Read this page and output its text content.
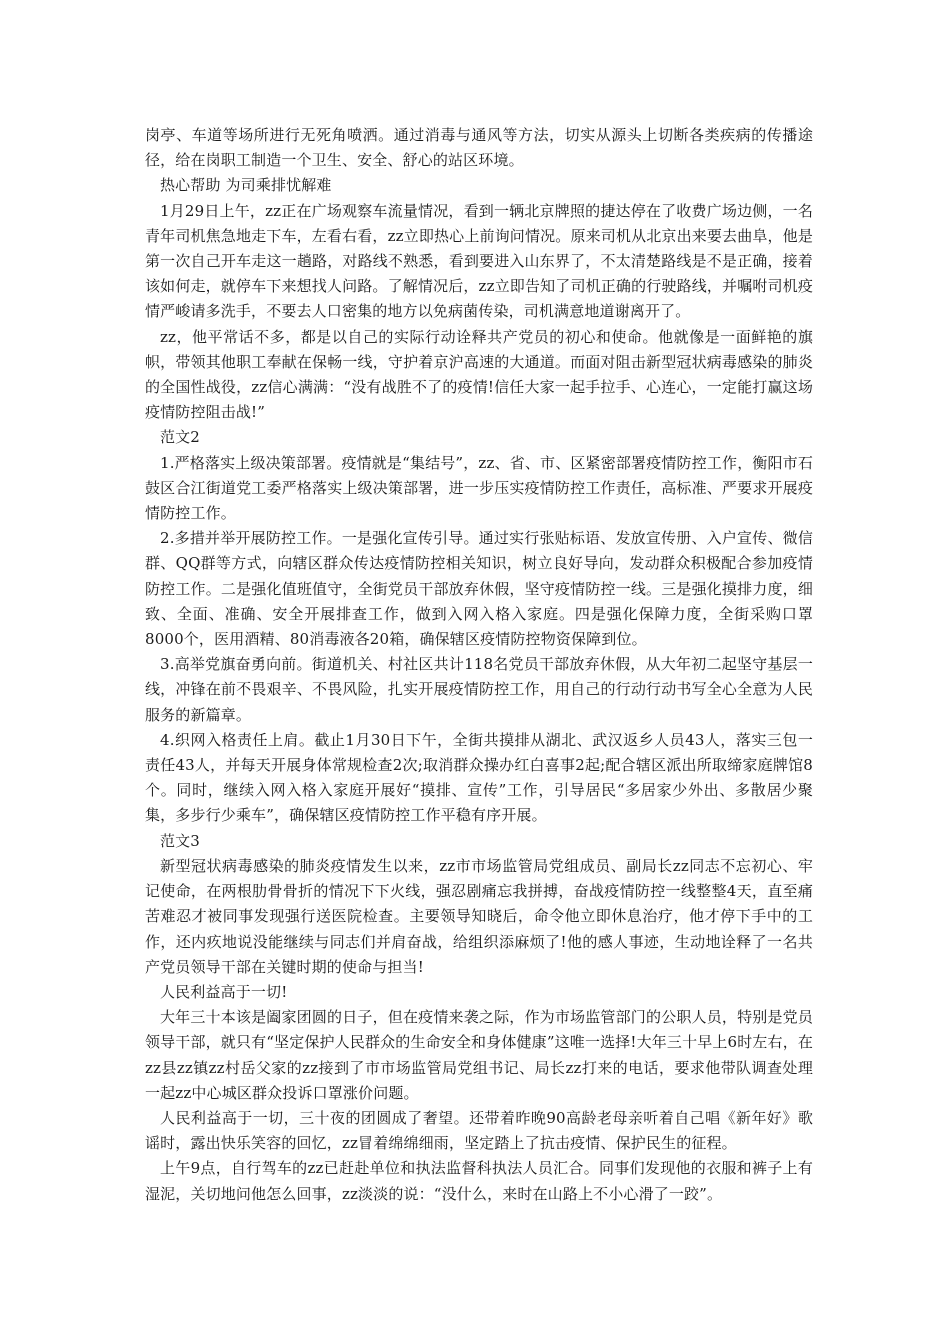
岗亭、车道等场所进行无死角喷洒。通过消毒与通风等方法，切实从源头上切断各类疾病的传播途径，给在岗职工制造一个卫生、安全、舒心的站区环境。

热心帮助 为司乘排忧解难

1月29日上午，zz正在广场观察车流量情况，看到一辆北京牌照的捷达停在了收费广场边侧，一名青年司机焦急地走下车，左看右看，zz立即热心上前询问情况。原来司机从北京出来要去曲阜，他是第一次自己开车走这一趟路，对路线不熟悉，看到要进入山东界了，不太清楚路线是不是正确，接着该如何走，就停车下来想找人问路。了解情况后，zz立即告知了司机正确的行驶路线，并嘱咐司机疫情严峻请多洗手，不要去人口密集的地方以免病菌传染，司机满意地道谢离开了。

zz，他平常话不多，都是以自己的实际行动诠释共产党员的初心和使命。他就像是一面鲜艳的旗帜，带领其他职工奉献在保畅一线，守护着京沪高速的大通道。而面对阻击新型冠状病毒感染的肺炎的全国性战役，zz信心满满：“没有战胜不了的疫情!信任大家一起手拉手、心连心，一定能打赢这场疫情防控阻击战!”

范文2

1.严格落实上级决策部署。疫情就是“集结号”，zz、省、市、区紧密部署疫情防控工作，衡阳市石鼓区合江街道党工委严格落实上级决策部署，进一步压实疫情防控工作责任，高标准、严要求开展疫情防控工作。

2.多措并举开展防控工作。一是强化宣传引导。通过实行张贴标语、发放宣传册、入户宣传、微信群、QQ群等方式，向辖区群众传达疫情防控相关知识，树立良好导向，发动群众积极配合参加疫情防控工作。二是强化值班值守，全街党员干部放弃休假，坚守疫情防控一线。三是强化摸排力度，细致、全面、准确、安全开展排查工作，做到入网入格入家庭。四是强化保障力度，全街采购口罩8000个，医用酒精、80消毒液各20箱，确保辖区疫情防控物资保障到位。

3.高举党旗奋勇向前。街道机关、村社区共计118名党员干部放弃休假，从大年初二起坚守基层一线，冲锋在前不畏艰辛、不畏风险，扎实开展疫情防控工作，用自己的行动行动书写全心全意为人民服务的新篇章。

4.织网入格责任上肩。截止1月30日下午，全街共摸排从湖北、武汉返乡人员43人，落实三包一责任43人，并每天开展身体常规检查2次;取消群众操办红白喜事2起;配合辖区派出所取缔家庭牌馆8个。同时，继续入网入格入家庭开展好“摸排、宣传”工作，引导居民“多居家少外出、多散居少聚集，多步行少乘车”，确保辖区疫情防控工作平稳有序开展。

范文3

新型冠状病毒感染的肺炎疫情发生以来，zz市市场监管局党组成员、副局长zz同志不忘初心、牢记使命，在两根肋骨骨折的情况下下火线，强忍剧痛忘我拼搏，奋战疫情防控一线整整4天，直至痛苦难忍才被同事发现强行送医院检查。主要领导知晓后，命令他立即休息治疗，他才停下手中的工作，还内疚地说没能继续与同志们并肩奋战，给组织添麻烦了!他的感人事迹，生动地诠释了一名共产党员领导干部在关键时期的使命与担当!

人民利益高于一切!

大年三十本该是阖家团圆的日子，但在疫情来袭之际，作为市场监管部门的公职人员，特别是党员领导干部，就只有“坚定保护人民群众的生命安全和身体健康”这唯一选择!大年三十早上6时左右，在zz县zz镇zz村岳父家的zz接到了市市场监管局党组书记、局长zz打来的电话，要求他带队调查处理一起zz中心城区群众投诉口罩涨价问题。

人民利益高于一切，三十夜的团圆成了奢望。还带着昨晚90高龄老母亲听着自己唱《新年好》歌谣时，露出快乐笑容的回忆，zz冒着绵绵细雨，坚定踏上了抗击疫情、保护民生的征程。

上午9点，自行驾车的zz已赶赴单位和执法监督科执法人员汇合。同事们发现他的衣服和裤子上有湿泥，关切地问他怎么回事，zz淡淡的说：“没什么，来时在山路上不小心滑了一跤”。
